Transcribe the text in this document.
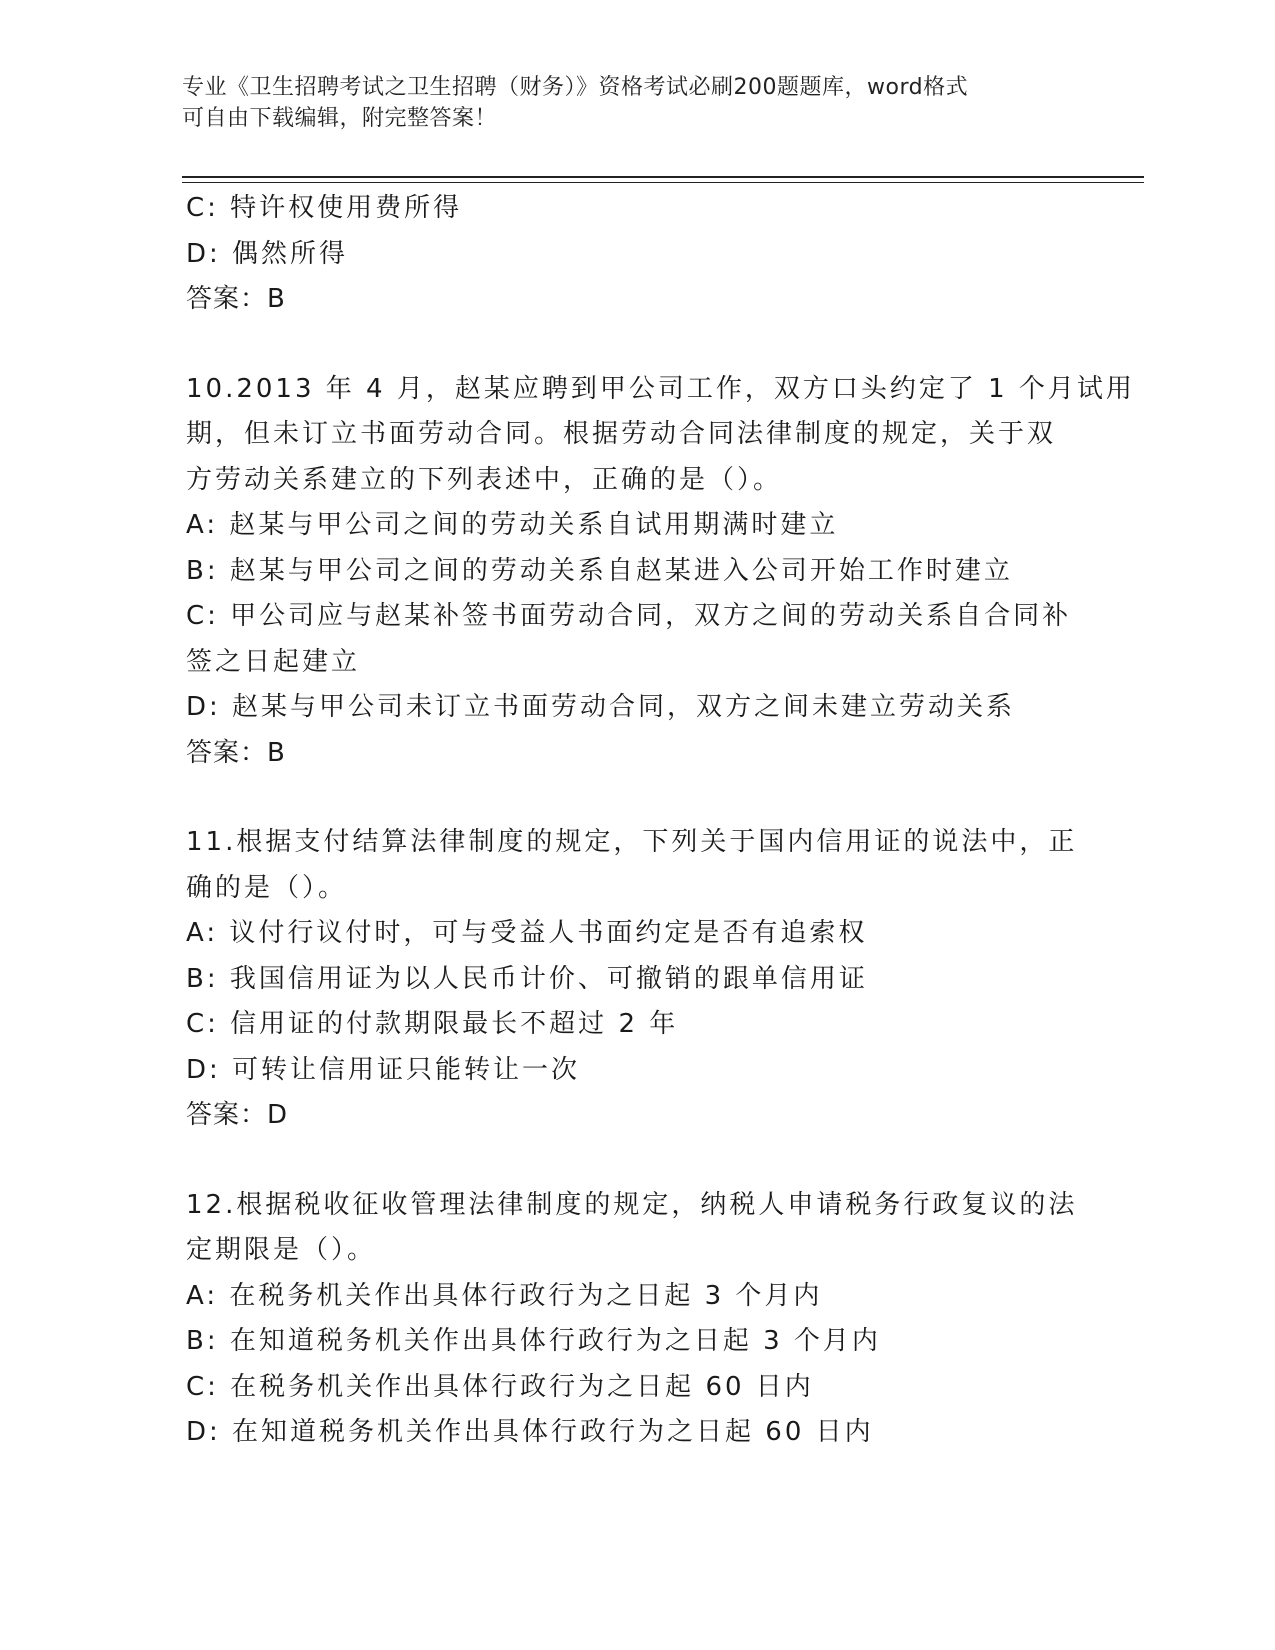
专业《卫生招聘考试之卫生招聘（财务）》资格考试必刷200题题库，word格式
可自由下载编辑，附完整答案！
C: 特许权使用费所得
D: 偶然所得
答案：B
10.2013 年 4 月，赵某应聘到甲公司工作，双方口头约定了 1 个月试用
期，但未订立书面劳动合同。根据劳动合同法律制度的规定，关于双
方劳动关系建立的下列表述中，正确的是（）。
A: 赵某与甲公司之间的劳动关系自试用期满时建立
B: 赵某与甲公司之间的劳动关系自赵某进入公司开始工作时建立
C: 甲公司应与赵某补签书面劳动合同，双方之间的劳动关系自合同补
签之日起建立
D: 赵某与甲公司未订立书面劳动合同，双方之间未建立劳动关系
答案：B
11.根据支付结算法律制度的规定，下列关于国内信用证的说法中，正
确的是（）。
A: 议付行议付时，可与受益人书面约定是否有追索权
B: 我国信用证为以人民币计价、可撤销的跟单信用证
C: 信用证的付款期限最长不超过 2 年
D: 可转让信用证只能转让一次
答案：D
12.根据税收征收管理法律制度的规定，纳税人申请税务行政复议的法
定期限是（）。
A: 在税务机关作出具体行政行为之日起 3 个月内
B: 在知道税务机关作出具体行政行为之日起 3 个月内
C: 在税务机关作出具体行政行为之日起 60 日内
D: 在知道税务机关作出具体行政行为之日起 60 日内
